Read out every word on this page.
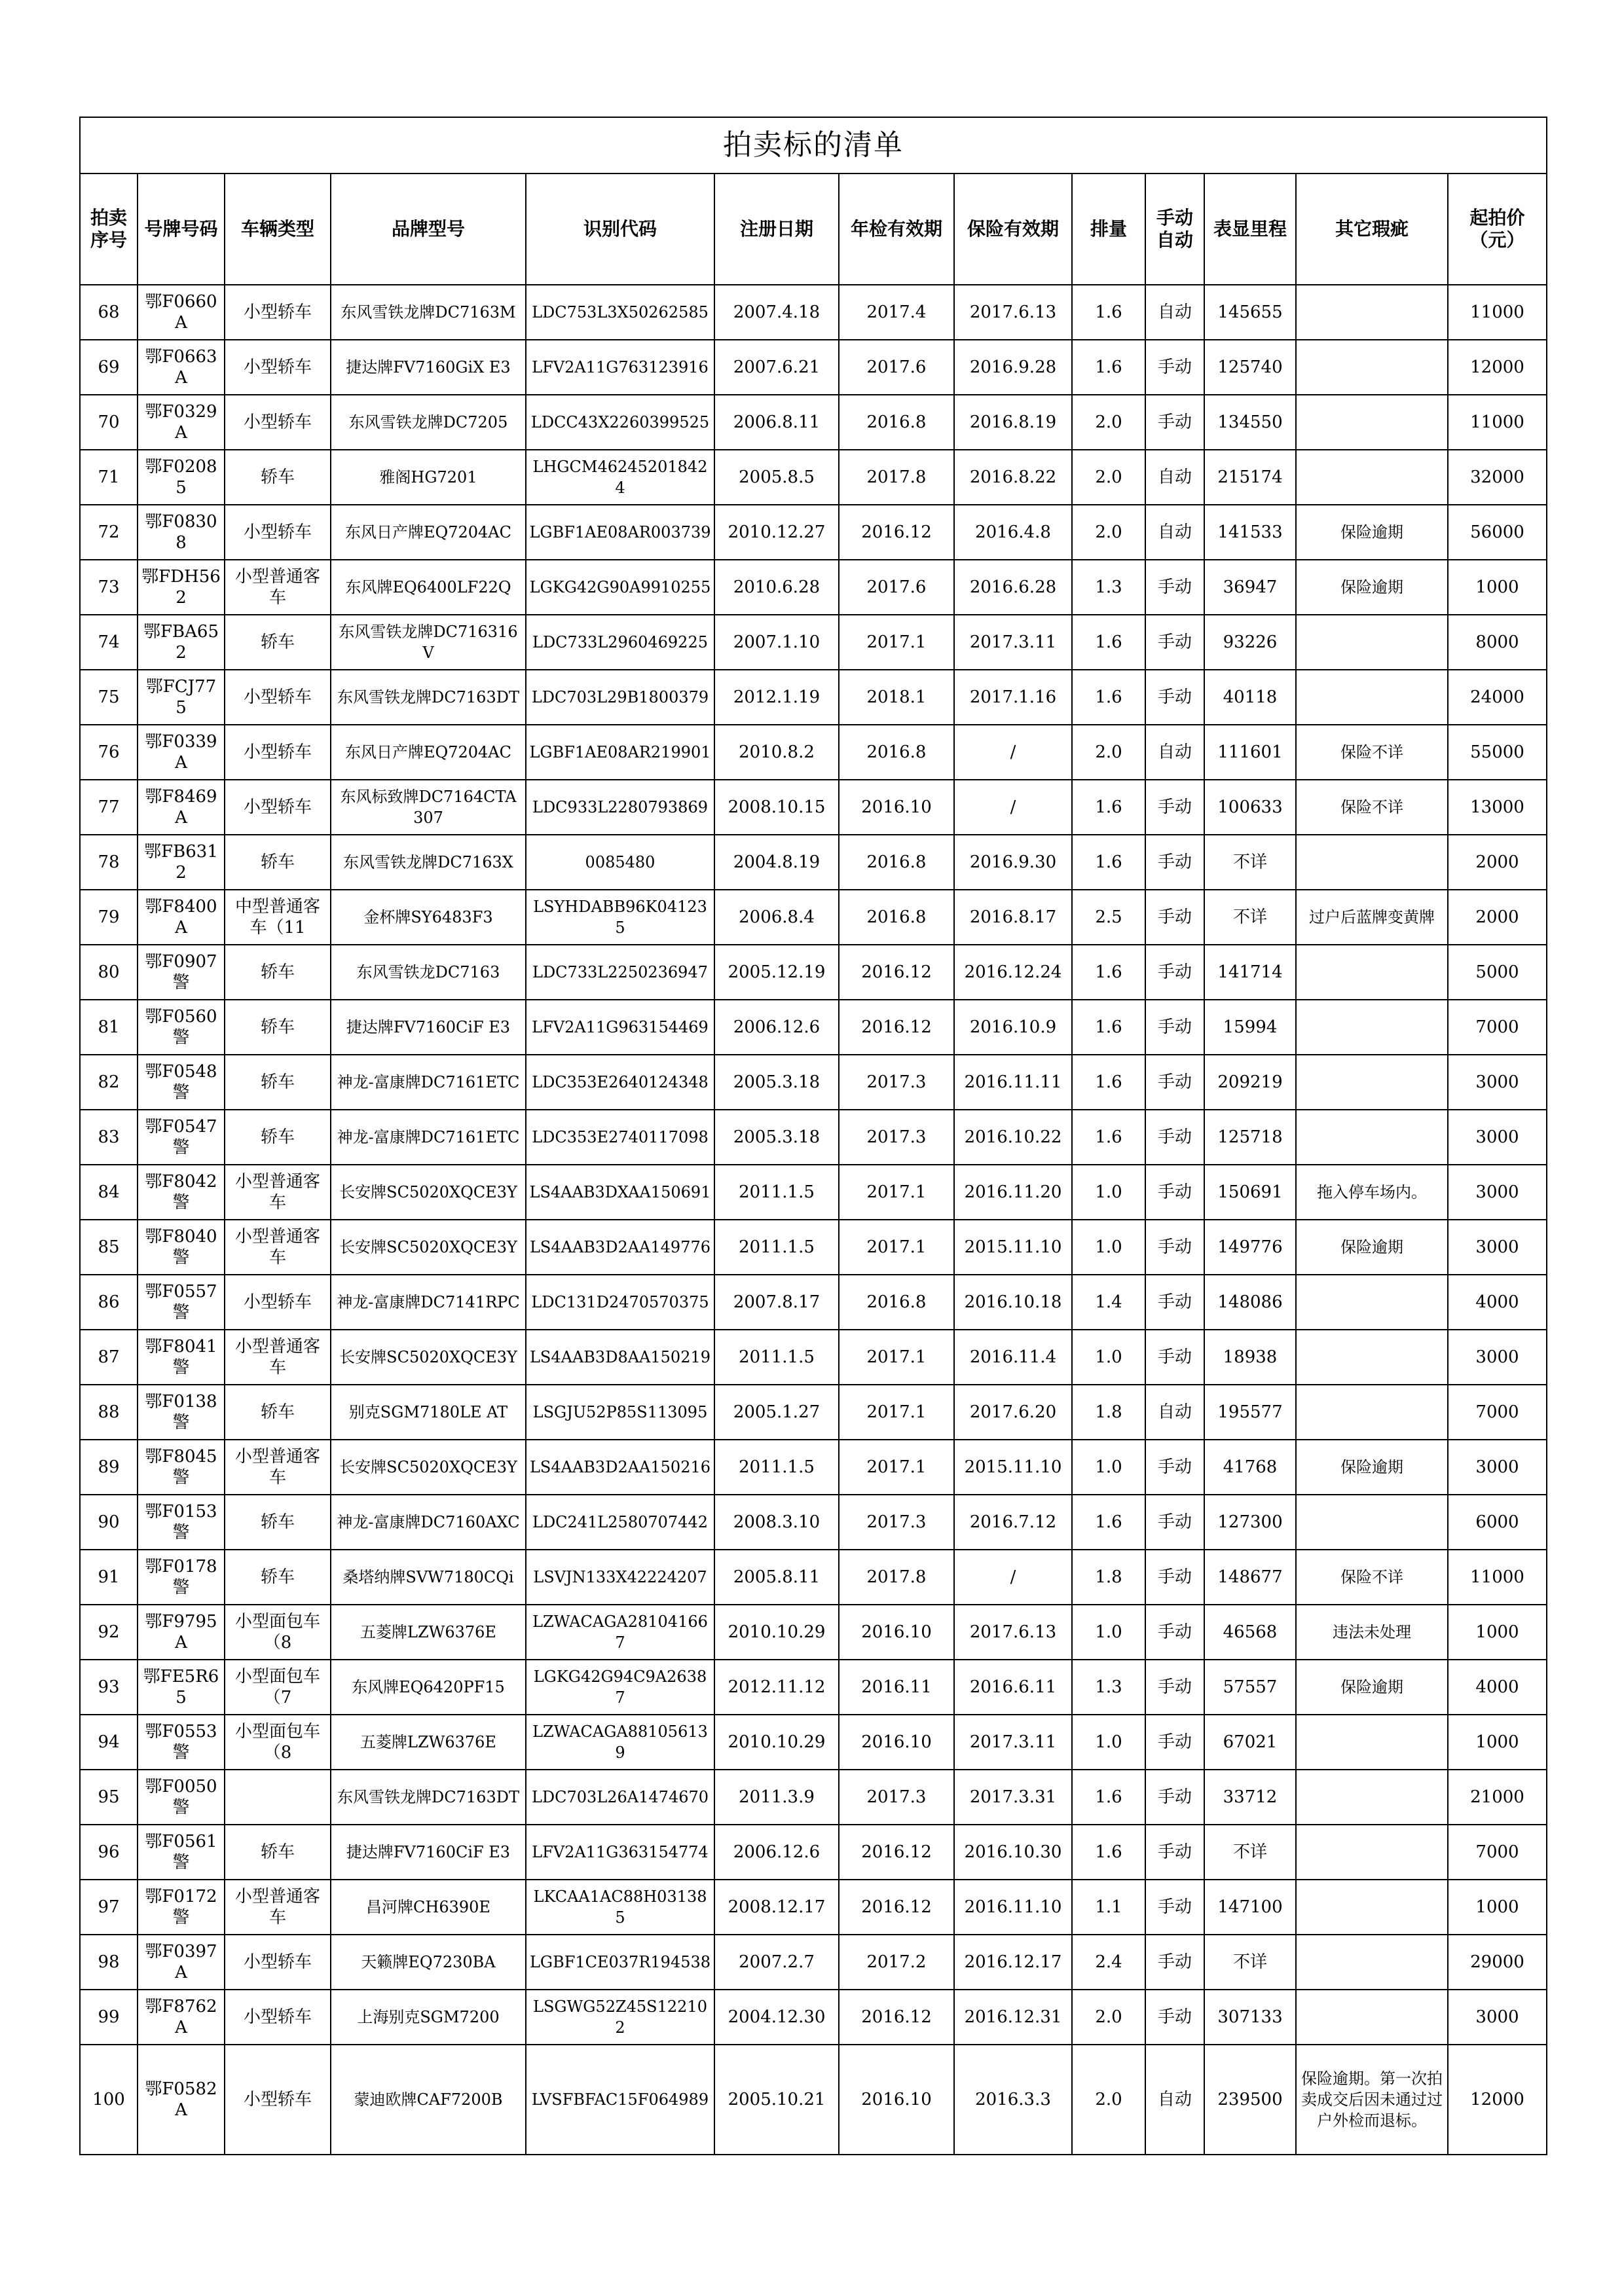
拍卖标的清单												
拍卖序号	号牌号码	车辆类型	品牌型号	识别代码	注册日期	年检有效期	保险有效期	排量	手动自动	表显里程	其它瑕疵	起拍价（元）
68	鄂F0660A	小型轿车	东风雪铁龙牌DC7163M	LDC753L3X50262585	2007.4.18	2017.4	2017.6.13	1.6	自动	145655		11000
69	鄂F0663A	小型轿车	捷达牌FV7160GiX E3	LFV2A11G763123916	2007.6.21	2017.6	2016.9.28	1.6	手动	125740		12000
70	鄂F0329A	小型轿车	东风雪铁龙牌DC7205	LDCC43X2260399525	2006.8.11	2016.8	2016.8.19	2.0	手动	134550		11000
71	鄂F02085	轿车	雅阁HG7201	LHGCM462452018424	2005.8.5	2017.8	2016.8.22	2.0	自动	215174		32000
72	鄂F08308	小型轿车	东风日产牌EQ7204AC	LGBF1AE08AR003739	2010.12.27	2016.12	2016.4.8	2.0	自动	141533	保险逾期	56000
73	鄂FDH562	小型普通客车	东风牌EQ6400LF22Q	LGKG42G90A9910255	2010.6.28	2017.6	2016.6.28	1.3	手动	36947	保险逾期	1000
74	鄂FBA652	轿车	东风雪铁龙牌DC716316V	LDC733L2960469225	2007.1.10	2017.1	2017.3.11	1.6	手动	93226		8000
75	鄂FCJ775	小型轿车	东风雪铁龙牌DC7163DT	LDC703L29B1800379	2012.1.19	2018.1	2017.1.16	1.6	手动	40118		24000
76	鄂F0339A	小型轿车	东风日产牌EQ7204AC	LGBF1AE08AR219901	2010.8.2	2016.8	/	2.0	自动	111601	保险不详	55000
77	鄂F8469A	小型轿车	东风标致牌DC7164CTA 307	LDC933L2280793869	2008.10.15	2016.10	/	1.6	手动	100633	保险不详	13000
78	鄂FB6312	轿车	东风雪铁龙牌DC7163X	0085480	2004.8.19	2016.8	2016.9.30	1.6	手动	不详		2000
79	鄂F8400A	中型普通客车（11	金杯牌SY6483F3	LSYHDABB96K041235	2006.8.4	2016.8	2016.8.17	2.5	手动	不详	过户后蓝牌变黄牌	2000
80	鄂F0907警	轿车	东风雪铁龙DC7163	LDC733L2250236947	2005.12.19	2016.12	2016.12.24	1.6	手动	141714		5000
81	鄂F0560警	轿车	捷达牌FV7160CiF E3	LFV2A11G963154469	2006.12.6	2016.12	2016.10.9	1.6	手动	15994		7000
82	鄂F0548警	轿车	神龙-富康牌DC7161ETC	LDC353E2640124348	2005.3.18	2017.3	2016.11.11	1.6	手动	209219		3000
83	鄂F0547警	轿车	神龙-富康牌DC7161ETC	LDC353E2740117098	2005.3.18	2017.3	2016.10.22	1.6	手动	125718		3000
84	鄂F8042警	小型普通客车	长安牌SC5020XQCE3Y	LS4AAB3DXAA150691	2011.1.5	2017.1	2016.11.20	1.0	手动	150691	拖入停车场内。	3000
85	鄂F8040警	小型普通客车	长安牌SC5020XQCE3Y	LS4AAB3D2AA149776	2011.1.5	2017.1	2015.11.10	1.0	手动	149776	保险逾期	3000
86	鄂F0557警	小型轿车	神龙-富康牌DC7141RPC	LDC131D2470570375	2007.8.17	2016.8	2016.10.18	1.4	手动	148086		4000
87	鄂F8041警	小型普通客车	长安牌SC5020XQCE3Y	LS4AAB3D8AA150219	2011.1.5	2017.1	2016.11.4	1.0	手动	18938		3000
88	鄂F0138警	轿车	别克SGM7180LE AT	LSGJU52P85S113095	2005.1.27	2017.1	2017.6.20	1.8	自动	195577		7000
89	鄂F8045警	小型普通客车	长安牌SC5020XQCE3Y	LS4AAB3D2AA150216	2011.1.5	2017.1	2015.11.10	1.0	手动	41768	保险逾期	3000
90	鄂F0153警	轿车	神龙-富康牌DC7160AXC	LDC241L2580707442	2008.3.10	2017.3	2016.7.12	1.6	手动	127300		6000
91	鄂F0178警	轿车	桑塔纳牌SVW7180CQi	LSVJN133X42224207	2005.8.11	2017.8	/	1.8	手动	148677	保险不详	11000
92	鄂F9795A	小型面包车 （8	五菱牌LZW6376E	LZWACAGA281041667	2010.10.29	2016.10	2017.6.13	1.0	手动	46568	违法未处理	1000
93	鄂FE5R65	小型面包车 （7	东风牌EQ6420PF15	LGKG42G94C9A26387	2012.11.12	2016.11	2016.6.11	1.3	手动	57557	保险逾期	4000
94	鄂F0553警	小型面包车 （8	五菱牌LZW6376E	LZWACAGA881056139	2010.10.29	2016.10	2017.3.11	1.0	手动	67021		1000
95	鄂F0050警		东风雪铁龙牌DC7163DT	LDC703L26A1474670	2011.3.9	2017.3	2017.3.31	1.6	手动	33712		21000
96	鄂F0561警	轿车	捷达牌FV7160CiF E3	LFV2A11G363154774	2006.12.6	2016.12	2016.10.30	1.6	手动	不详		7000
97	鄂F0172警	小型普通客车	昌河牌CH6390E	LKCAA1AC88H031385	2008.12.17	2016.12	2016.11.10	1.1	手动	147100		1000
98	鄂F0397A	小型轿车	天籁牌EQ7230BA	LGBF1CE037R194538	2007.2.7	2017.2	2016.12.17	2.4	手动	不详		29000
99	鄂F8762A	小型轿车	上海别克SGM7200	LSGWG52Z45S122102	2004.12.30	2016.12	2016.12.31	2.0	手动	307133		3000
100	鄂F0582A	小型轿车	蒙迪欧牌CAF7200B	LVSFBFAC15F064989	2005.10.21	2016.10	2016.3.3	2.0	自动	239500	保险逾期。第一次拍卖成交后因未通过过户外检而退标。	12000
